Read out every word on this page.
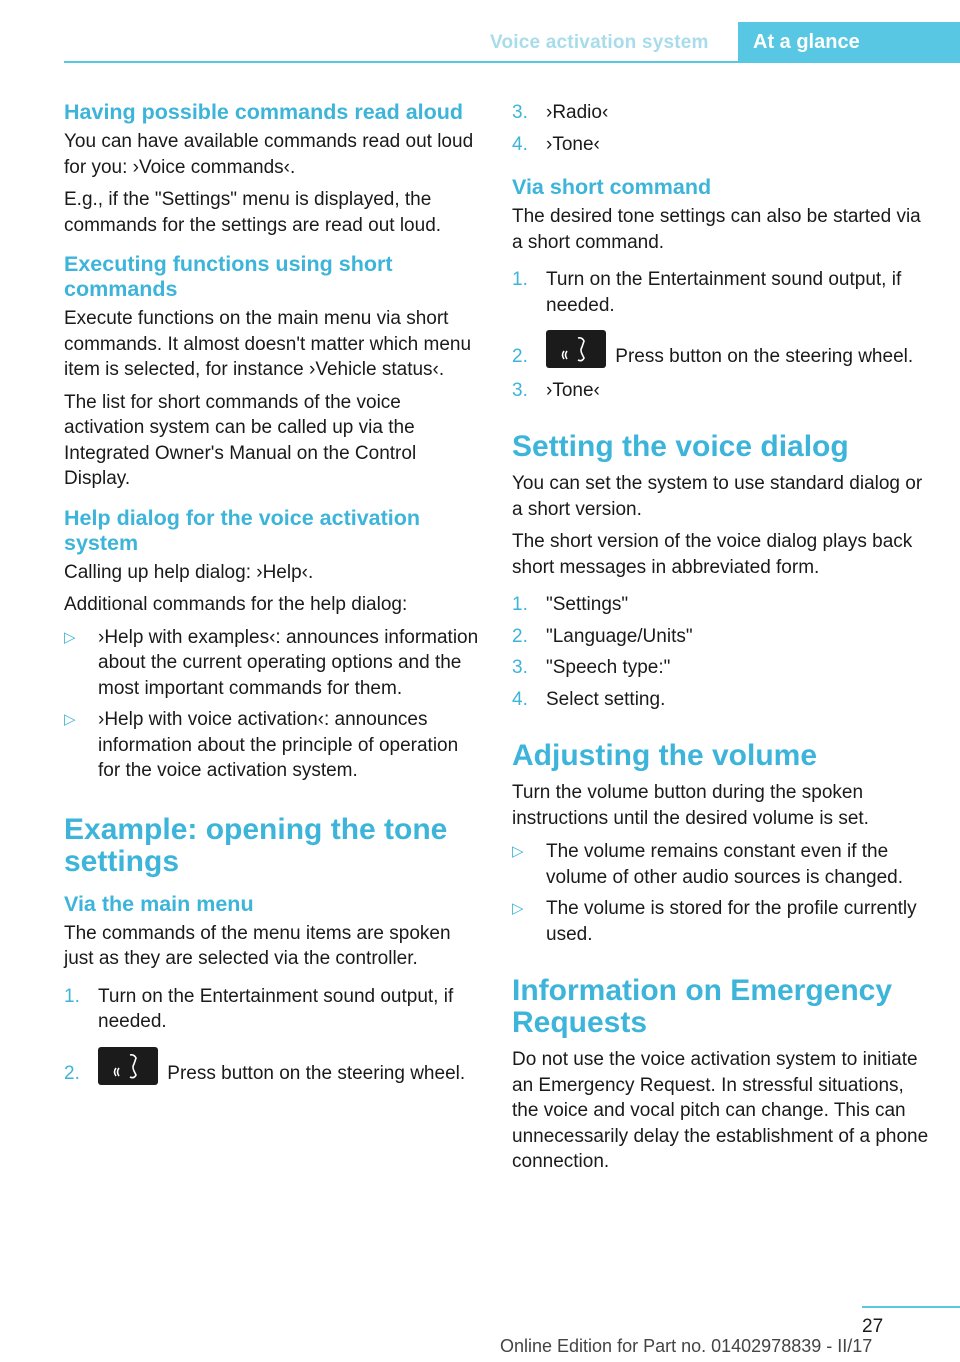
Voice activation system	At a glance
Having possible commands read aloud

You can have available commands read out loud for you: ›Voice commands‹.

E.g., if the "Settings" menu is displayed, the commands for the settings are read out loud.

Executing functions using short commands

Execute functions on the main menu via short commands. It almost doesn't matter which menu item is selected, for instance ›Vehicle status‹.

The list for short commands of the voice activation system can be called up via the Integrated Owner's Manual on the Control Display.

Help dialog for the voice activation system

Calling up help dialog: ›Help‹.

Additional commands for the help dialog:

▷ ›Help with examples‹: announces information about the current operating options and the most important commands for them.
▷ ›Help with voice activation‹: announces information about the principle of operation for the voice activation system.
Example: opening the tone settings
Via the main menu

The commands of the menu items are spoken just as they are selected via the controller.

1. Turn on the Entertainment sound output, if needed.
2.	Press button on the steering wheel.
3. ›Radio‹
4. ›Tone‹
Via short command

The desired tone settings can also be started via a short command.

1. Turn on the Entertainment sound output, if needed.
2.	Press button on the steering wheel.
3. ›Tone‹
Setting the voice dialog

You can set the system to use standard dialog or a short version.

The short version of the voice dialog plays back short messages in abbreviated form.

1. "Settings"
2. "Language/Units"
3. "Speech type:"
4. Select setting.
Adjusting the volume

Turn the volume button during the spoken instructions until the desired volume is set.

▷ The volume remains constant even if the volume of other audio sources is changed.
▷ The volume is stored for the profile currently used.
Information on Emergency Requests

Do not use the voice activation system to initiate an Emergency Request. In stressful situations, the voice and vocal pitch can change. This can unnecessarily delay the establishment of a phone connection.

27
Online Edition for Part no. 01402978839 - II/17
